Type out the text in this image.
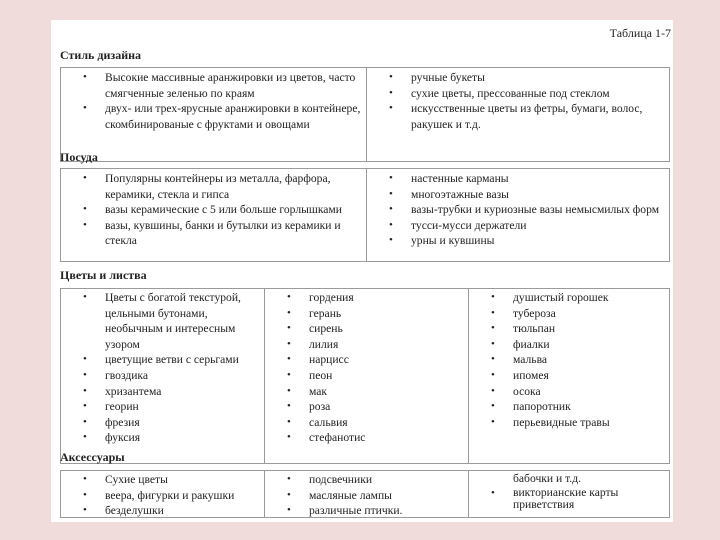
Таблица 1-7
Стиль дизайна
• Высокие массивные аранжировки из цветов, часто смягченные зеленью по краям
• двух- или трех-ярусные аранжировки в контейнере, скомбинированые с фруктами и овощами
• ручные букеты
• сухие цветы, прессованные под стеклом
• искусственные цветы из фетры, бумаги, волос, ракушек и т.д.
Посуда
• Популярны контейнеры из металла, фарфора, керамики, стекла и гипса
• вазы керамические с 5 или больше горлышками
• вазы, кувшины, банки и бутылки из керамики и стекла
• настенные карманы
• многоэтажные вазы
• вазы-трубки и куриозные вазы немысмилых форм
• тусси-мусси держатели
• урны и кувшины
Цветы и листва
• Цветы с богатой текстурой, цельными бутонами, необычным и интересным узором
• цветущие ветви с серьгами
• гвоздика
• хризантема
• георин
• фрезия
• фуксия
• гордения
• герань
• сирень
• лилия
• нарцисс
• пеон
• мак
• роза
• сальвия
• стефанотис
• душистый горошек
• тубероза
• тюльпан
• фиалки
• мальва
• ипомея
• осока
• папоротник
• перьевидные травы
Аксессуары
• Сухие цветы
• веера, фигурки и ракушки
• безделушки
• подсвечники
• масляные лампы
• различные птички.
бабочки и т.д.
• викторианские карты приветствия
